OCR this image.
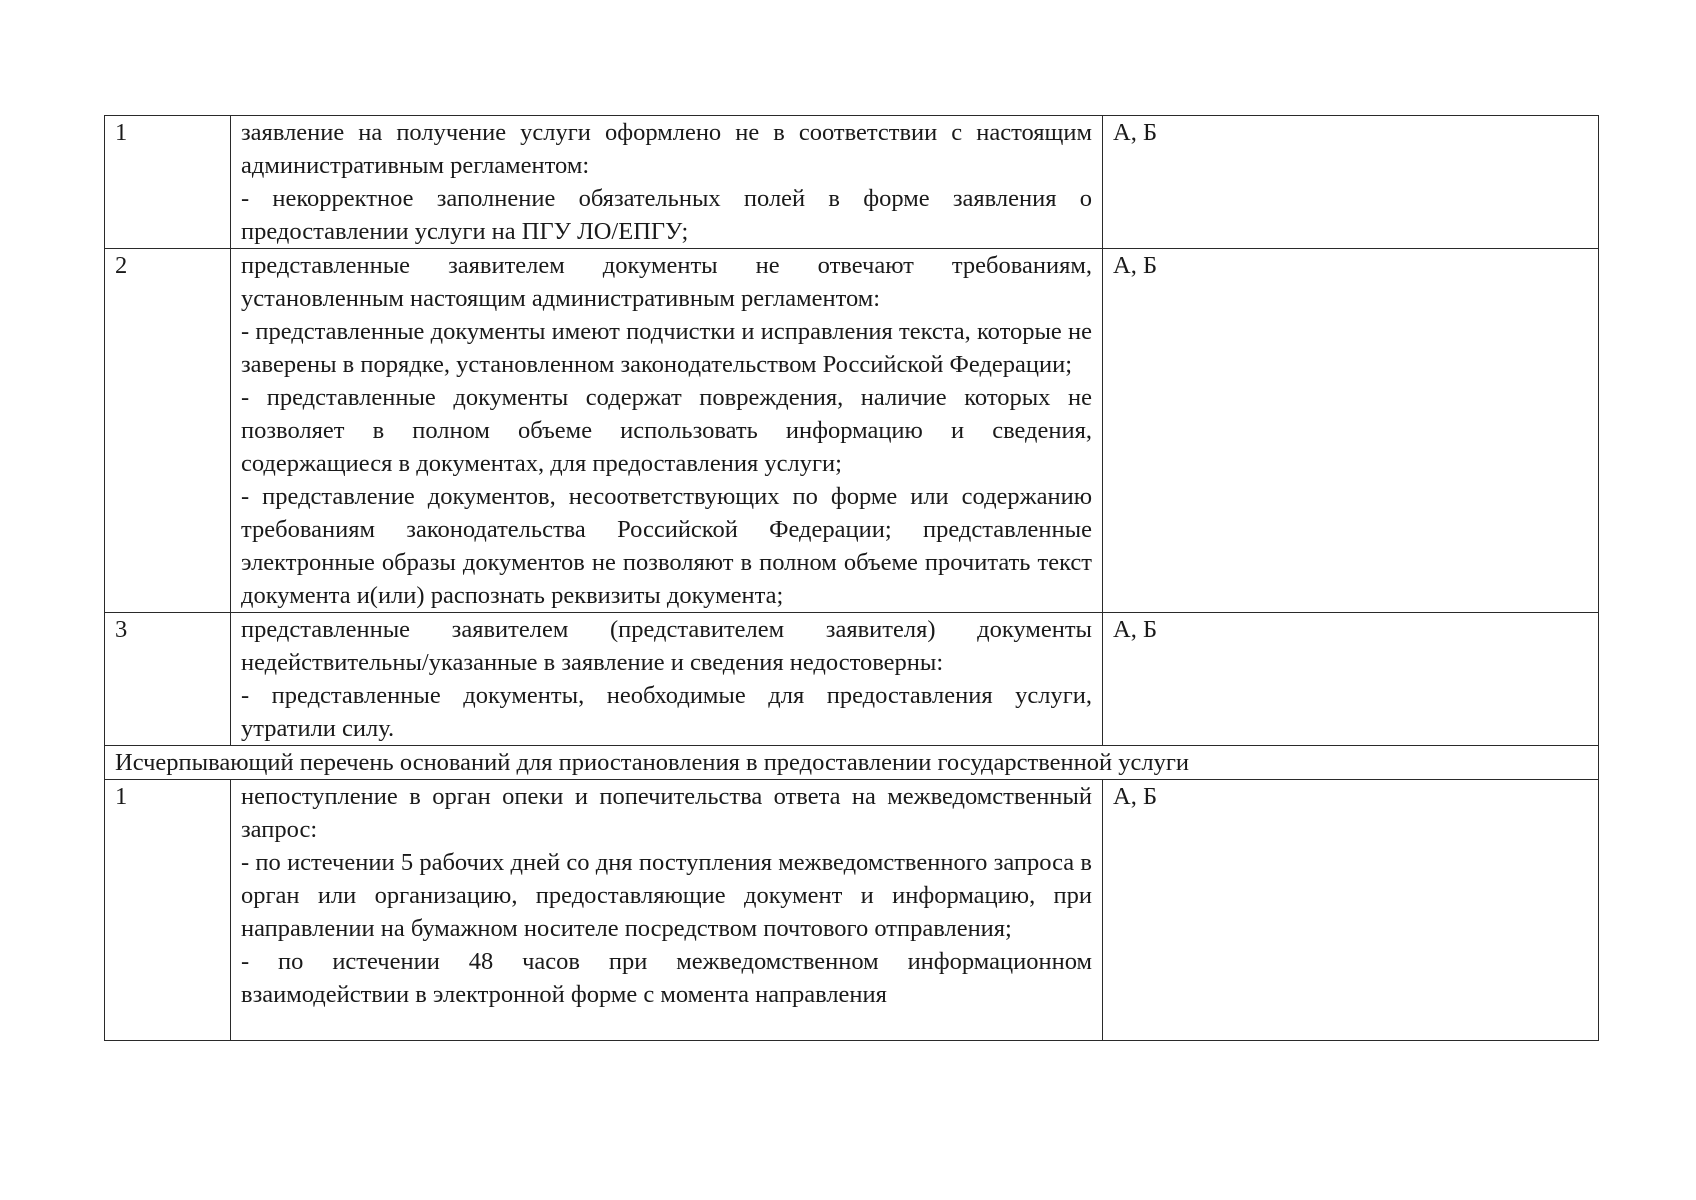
1	заявление на получение услуги оформлено не в соответствии с настоящим административным регламентом:
- некорректное заполнение обязательных полей в форме заявления о предоставлении услуги на ПГУ ЛО/ЕПГУ;	А, Б
2	представленные заявителем документы не отвечают требованиям, установленным настоящим административным регламентом:
- представленные документы имеют подчистки и исправления текста, которые не заверены в порядке, установленном законодательством Российской Федерации;
- представленные документы содержат повреждения, наличие которых не позволяет в полном объеме использовать информацию и сведения, содержащиеся в документах, для предоставления услуги;
- представление документов, несоответствующих по форме или содержанию требованиям законодательства Российской Федерации; представленные электронные образы документов не позволяют в полном объеме прочитать текст документа и(или) распознать реквизиты документа;	А, Б
3	представленные заявителем (представителем заявителя) документы недействительны/указанные в заявление и сведения недостоверны:
- представленные документы, необходимые для предоставления услуги, утратили силу.	А, Б
Исчерпывающий перечень оснований для приостановления в предоставлении государственной услуги		
1	непоступление в орган опеки и попечительства ответа на межведомственный запрос:
- по истечении 5 рабочих дней со дня поступления межведомственного запроса в орган или организацию, предоставляющие документ и информацию, при направлении на бумажном носителе посредством почтового отправления;
- по истечении 48 часов при межведомственном информационном взаимодействии в электронной форме с момента направления	А, Б
